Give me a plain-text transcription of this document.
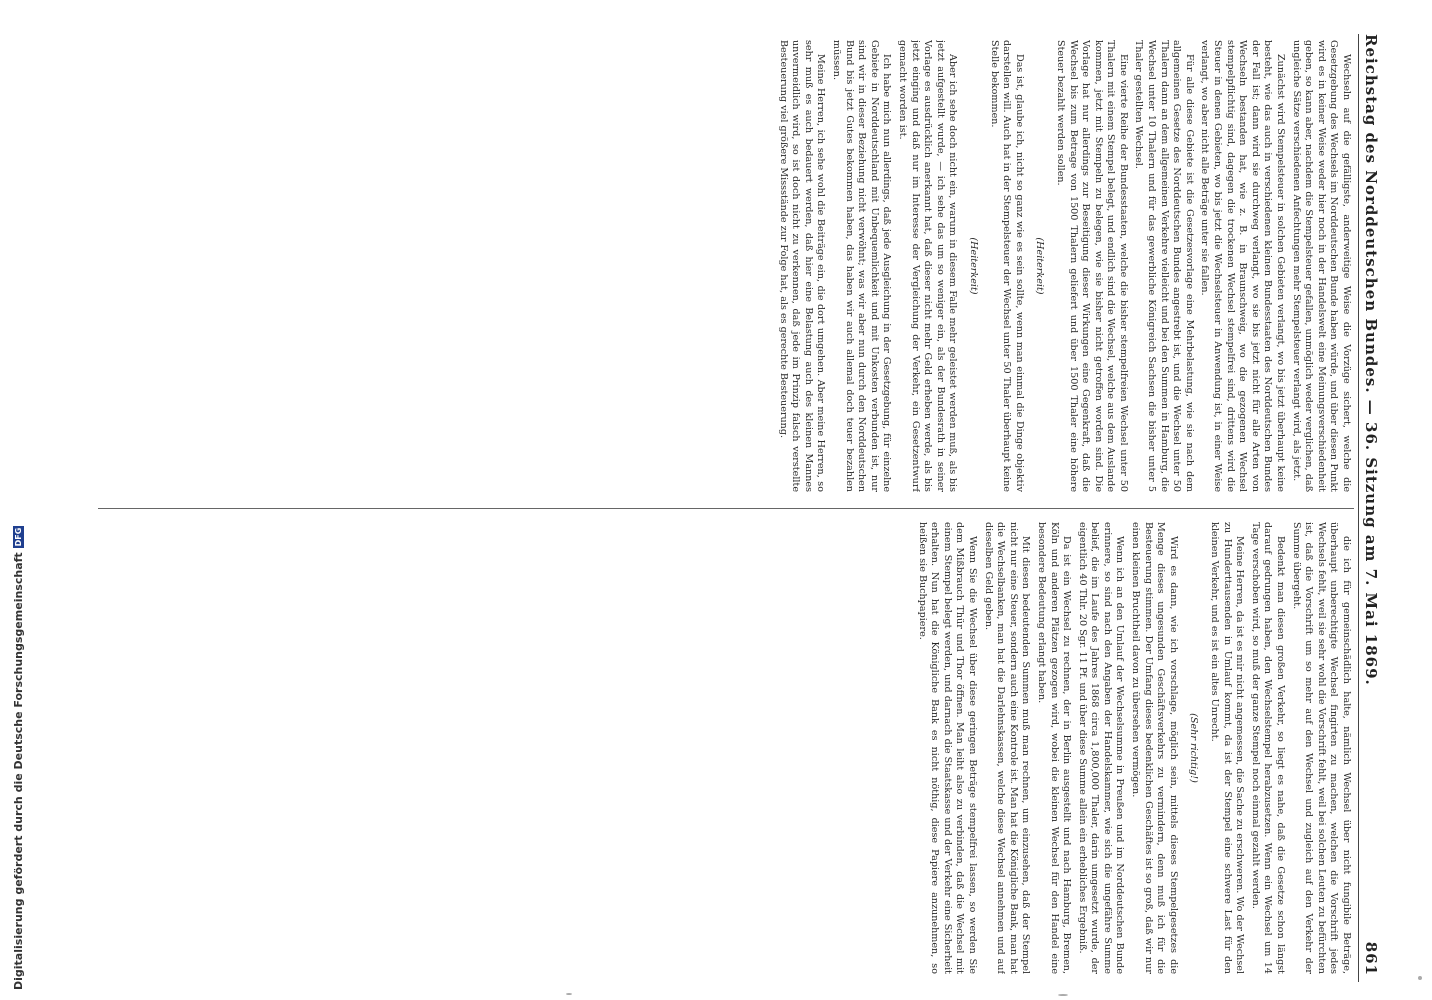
Digitalisierung gefördert durch die Deutsche Forschungsgemeinschaft
DFG	Reichstag des Norddeutschen Bundes. — 36. Sitzung am 7. Mai 1869.
861

Wechseln auf die gefälligste, anderweitige Weise die Vorzüge sichert, welche die Gesetzgebung des Wechsels im Norddeutschen Bunde haben würde, und über diesen Punkt wird es in keiner Weise weder hier noch in der Handelswelt eine Meinungsverschiedenheit geben, so kann aber, nachdem die Stempelsteuer gefallen, unmöglich weder verglichen, daß ungleiche Sätze verschiedenen Anfechtungen mehr Stempelsteuer verlangt wird, als jetzt.

Zunächst wird Stempelsteuer in solchen Gebieten verlangt, wo bis jetzt überhaupt keine besteht, wie das auch in verschiedenen kleinen Bundesstaaten des Norddeutschen Bundes der Fall ist; dann wird sie durchweg verlangt, wo sie bis jetzt nicht für alle Arten von Wechseln bestanden hat, wie z. B. in Braunschweig, wo die gezogenen Wechsel stempelpflichtig sind, dagegen die trockenen Wechsel stempelfrei sind, drittens wird die Steuer in denen Gebieten, wo bis jetzt die Wechselsteuer in Anwendung ist, in einer Weise verlangt, wo aber nicht alle Beträge unter sie fallen.

Für alle diese Gebiete ist die Gesetzesvorlage eine Mehrbelastung, wie sie nach dem allgemeinen Gesetze des Norddeutschen Bundes angestrebt ist, und die Wechsel unter 50 Thalern dann an dem allgemeinen Verkehre vielleicht und bei den Summen in Hamburg, die Wechsel unter 10 Thalern und für das gewerbliche Königreich Sachsen die bisher unter 5 Thaler gestellten Wechsel.

Eine vierte Reihe der Bundesstaaten, welche die bisher stempelfreien Wechsel unter 50 Thalern mit einem Stempel belegt, und endlich sind die Wechsel, welche aus dem Auslande kommen, jetzt mit Stempeln zu belegen, wie sie bisher nicht getroffen worden sind. Die Vorlage hat nur allerdings zur Beseitigung dieser Wirkungen eine Gegenkraft, daß die Wechsel bis zum Betrage von 1500 Thalern geliefert und über 1500 Thaler eine höhere Steuer bezahlt werden sollen.

(Heiterkeit)

Das ist, glaube ich, nicht so ganz wie es sein sollte, wenn man einmal die Dinge objektiv darstellen will. Auch hat in der Stempelsteuer der Wechsel unter 50 Thaler überhaupt keine Stelle bekommen.

(Heiterkeit)

Aber ich sehe doch nicht ein, warum in diesem Falle mehr geleistet werden muß, als bis jetzt aufgestellt wurde, — ich sehe das um so weniger ein, als der Bundesrath in seiner Vorlage es ausdrücklich anerkannt hat, daß dieser nicht mehr Geld erheben werde, als bis jetzt einging und daß nur im Interesse der Vergleichung der Verkehr, ein Gesetzentwurf gemacht worden ist.

Ich habe mich nun allerdings, daß jede Ausgleichung in der Gesetzgebung, für einzelne Gebiete in Norddeutschland mit Unbequemlichkeit und mit Unkosten verbunden ist, nur sind wir in dieser Beziehung nicht verwöhnt; was wir aber nun durch den Norddeutschen Bund bis jetzt Gutes bekommen haben, das haben wir auch allemal doch teuer bezahlen müssen.

Meine Herren, ich sehe wohl die Beiträge ein, die dort umgehen. Aber meine Herren, so sehr muß es auch bedauert werden, daß hier eine Belastung auch des kleinen Mannes unvermeidlich wird, so ist doch nicht zu verkennen, daß jede im Prinzip falsch verstellte Besteuerung viel größere Missstände zur Folge hat, als es gerechte Besteuerung.

die ich für gemeinschädlich halte, nämlich Wechsel über nicht fungibile Beträge, überhaupt unberechtigte Wechsel fingirten zu machen, welchen die Vorschrift jedes Wechsels fehlt, weil sie sehr wohl die Vorschrift fehlt, weil bei solchen Leuten zu befürchten ist, daß die Vorschrift um so mehr auf den Wechsel und zugleich auf den Verkehr der Summe übergeht.

Bedenkt man diesen großen Verkehr, so liegt es nahe, daß die Gesetze schon längst darauf gedrungen haben, den Wechselstempel herabzusetzen. Wenn ein Wechsel um 14 Tage verschoben wird, so muß der ganze Stempel noch einmal gezahlt werden.

Meine Herren, da ist es mir nicht angemessen, die Sache zu erschweren. Wo der Wechsel zu Hunderttausenden in Umlauf kommt, da ist der Stempel eine schwere Last für den kleinen Verkehr, und es ist ein altes Unrecht.

(Sehr richtig!)

Wird es dann, wie ich vorschlage, möglich sein, mittels dieses Stempelgesetzes die Menge dieses ungesunden Geschäftsverkehrs zu vermindern, denn muß ich für die Besteuerung stimmen. Der Umfang dieses bedenklichen Geschäftes ist so groß, daß wir nur einen kleinen Bruchtheil davon zu übersehen vermögen.

Wenn ich an den Umlauf der Wechselsumme in Preußen und im Norddeutschen Bunde erinnere, so sind nach den Angaben der Handelskammer, wie sich die ungefähre Summe belief, die im Laufe des Jahres 1868 circa 1,800,000 Thaler, darin umgesetzt wurde, der eigentlich 40 Thlr. 20 Sgr. 11 Pf. und über diese Summe allein ein erhebliches Ergebniß.

Da ist ein Wechsel zu rechnen, der in Berlin ausgestellt und nach Hamburg, Bremen, Köln und anderen Plätzen gezogen wird, wobei die kleinen Wechsel für den Handel eine besondere Bedeutung erlangt haben.

Mit diesen bedeutenden Summen muß man rechnen, um einzusehen, daß der Stempel nicht nur eine Steuer, sondern auch eine Kontrole ist. Man hat die Königliche Bank, man hat die Wechselbanken, man hat die Darlehnskassen, welche diese Wechsel annehmen und auf dieselben Geld geben.

Wenn Sie die Wechsel über diese geringen Beträge stempelfrei lassen, so werden Sie dem Mißbrauch Thür und Thor öffnen. Man leiht also zu verbinden, daß die Wechsel mit einem Stempel belegt werden, und darnach die Staatskasse und der Verkehr eine Sicherheit erhalten. Nun hat die Königliche Bank es nicht nöthig, diese Papiere anzunehmen, so heißen sie Buchpapiere.
